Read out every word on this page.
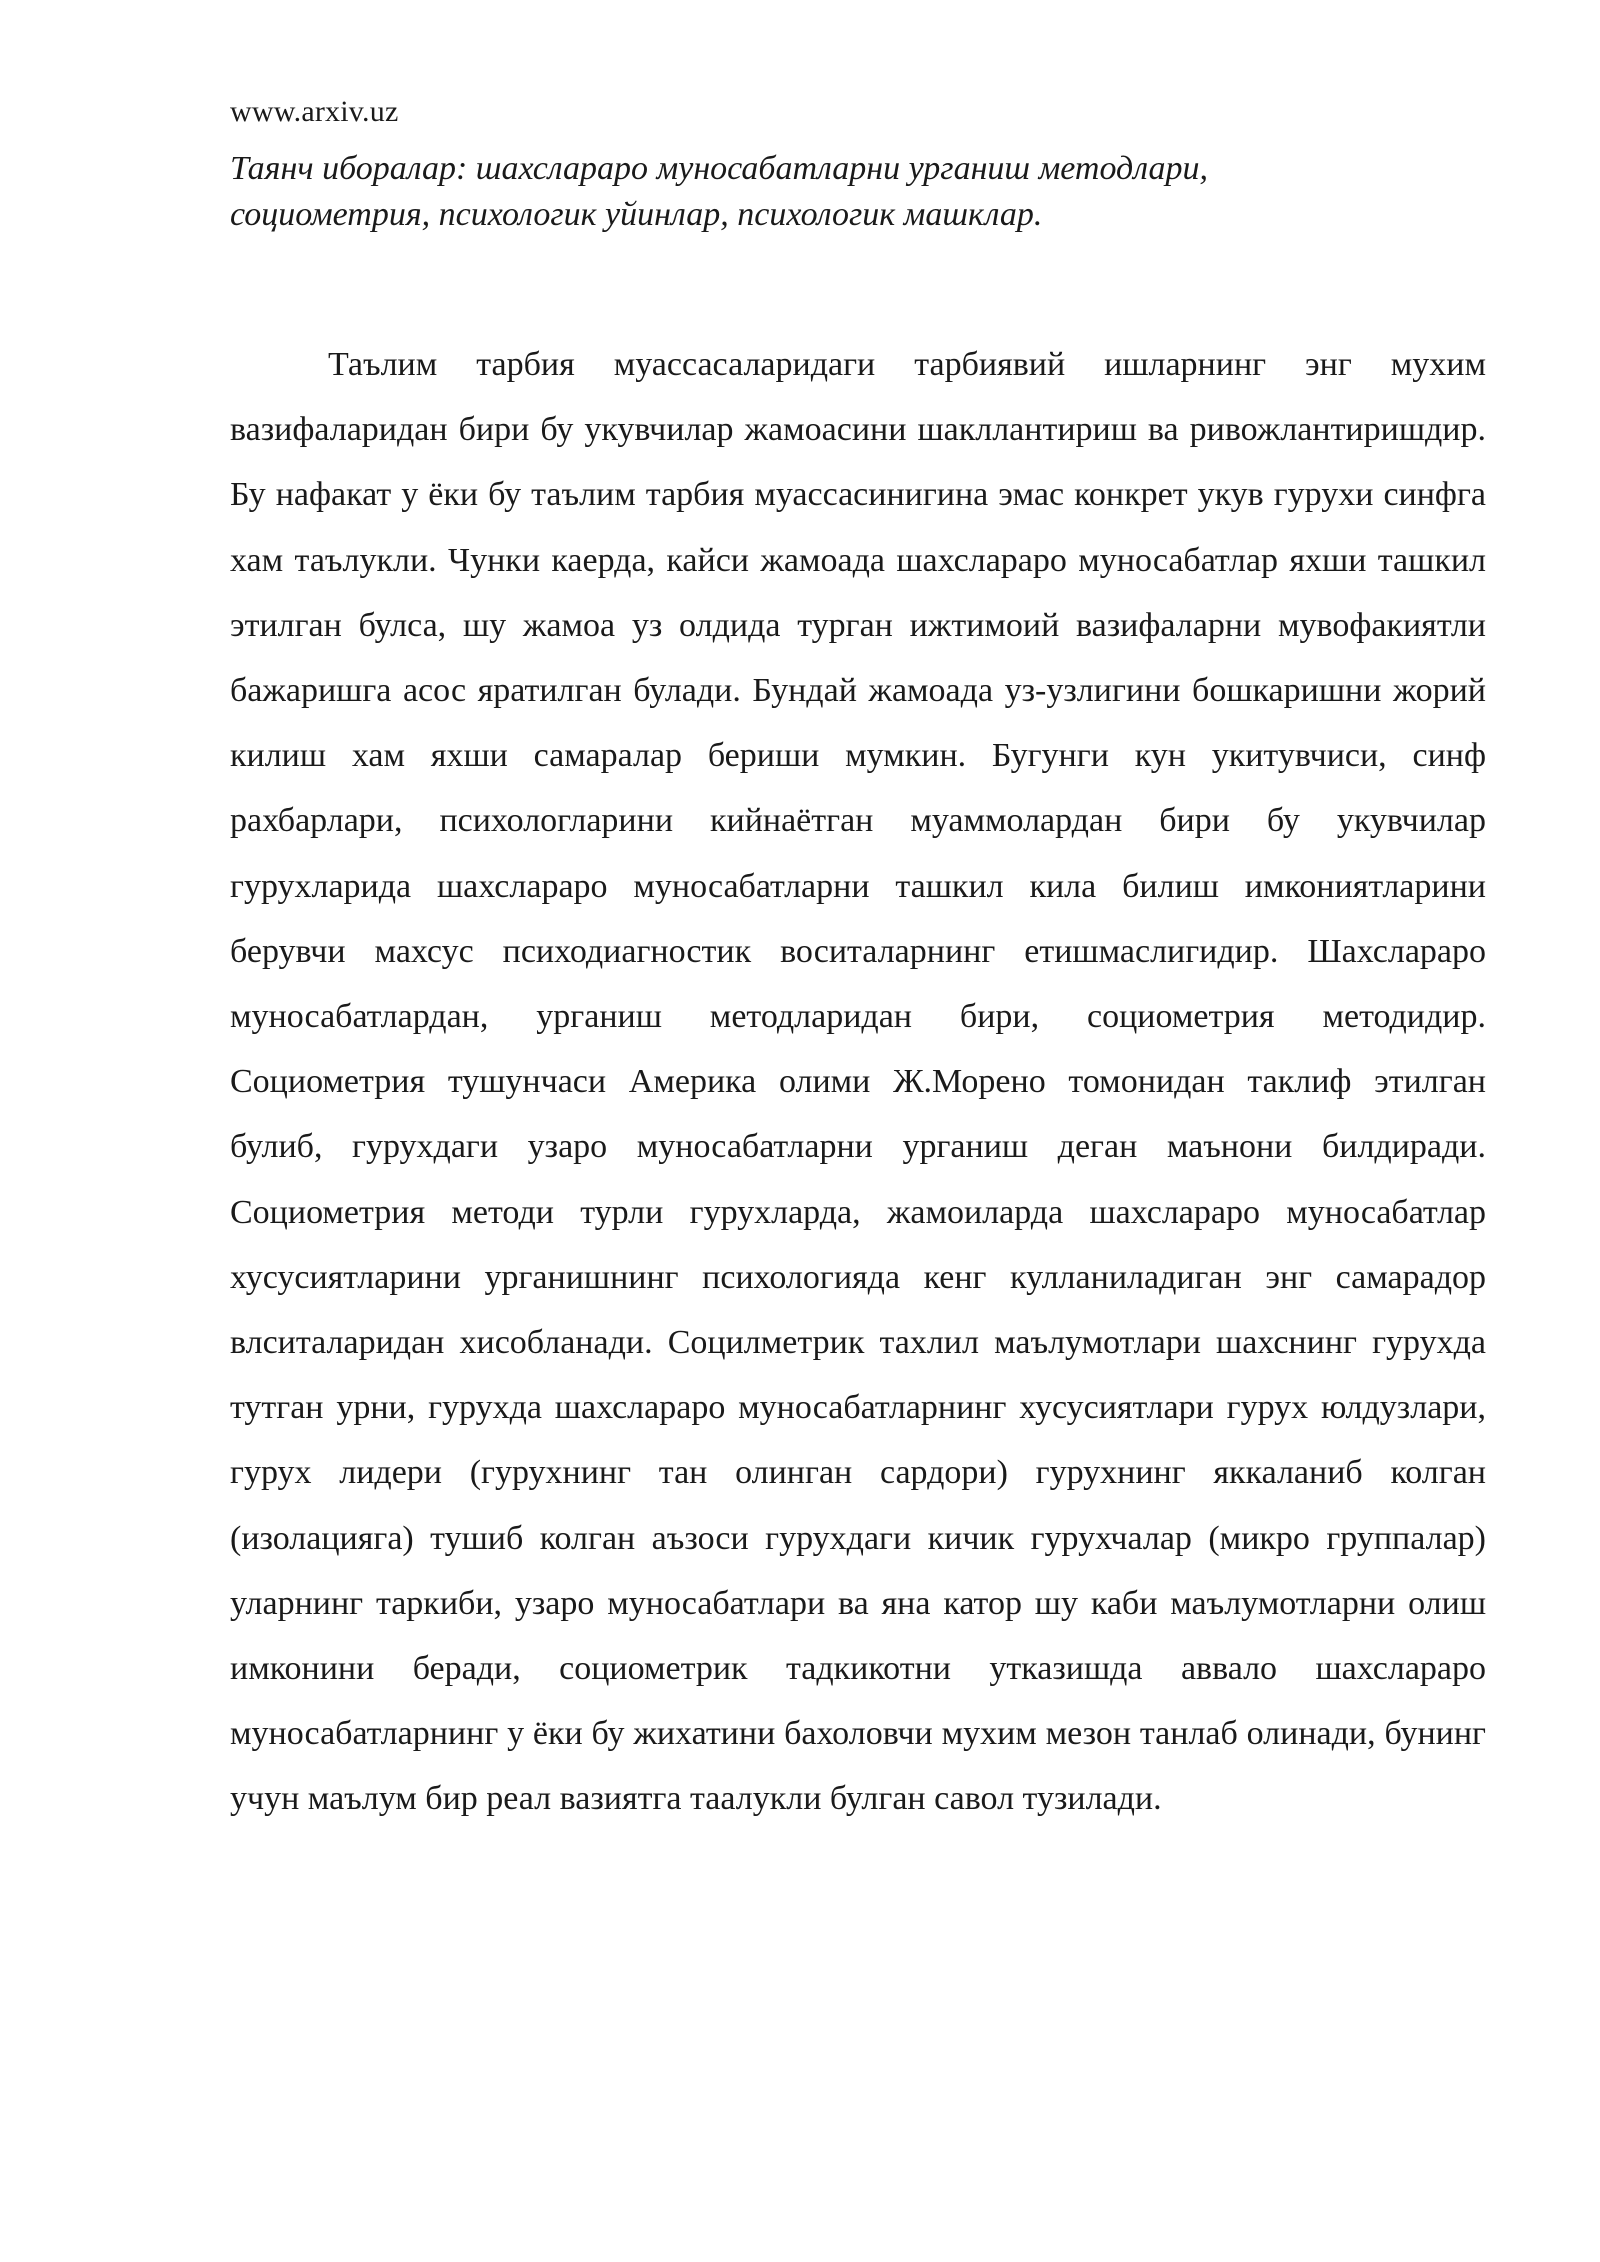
www.arxiv.uz

Таянч иборалар: шахслараро муносабатларни урганиш методлари,
социометрия, психологик уйинлар, психологик машклар.

Таълим тарбия муассасаларидаги тарбиявий ишларнинг энг мухим вазифаларидан бири бу укувчилар жамоасини шакллантириш ва ривожлантиришдир. Бу нафакат у ёки бу таълим тарбия муассасинигина эмас конкрет укув гурухи синфга хам таълукли. Чунки каерда, кайси жамоада шахслараро муносабатлар яхши ташкил этилган булса, шу жамоа уз олдида турган ижтимоий вазифаларни мувофакиятли бажаришга асос яратилган булади. Бундай жамоада уз-узлигини бошкаришни жорий килиш хам яхши самаралар бериши мумкин. Бугунги кун укитувчиси, синф рахбарлари, психологларини кийнаётган муаммолардан бири бу укувчилар гурухларида шахслараро муносабатларни ташкил кила билиш имкониятларини берувчи махсус психодиагностик воситаларнинг етишмаслигидир. Шахслараро муносабатлардан, урганиш методларидан бири, социометрия методидир. Социометрия тушунчаси Америка олими Ж.Морено томонидан таклиф этилган булиб, гурухдаги узаро муносабатларни урганиш деган маънони билдиради. Социометрия методи турли гурухларда, жамоиларда шахслараро муносабатлар хусусиятларини урганишнинг психологияда кенг кулланиладиган энг самарадор влситаларидан хисобланади. Социлметрик тахлил маълумотлари шахснинг гурухда тутган урни, гурухда шахслараро муносабатларнинг хусусиятлари гурух юлдузлари, гурух лидери (гурухнинг тан олинган сардори) гурухнинг яккаланиб колган (изолацияга) тушиб колган аъзоси гурухдаги кичик гурухчалар (микро группалар) уларнинг таркиби, узаро муносабатлари ва яна катор шу каби маълумотларни олиш имконини беради, социометрик тадкикотни утказишда аввало шахслараро муносабатларнинг у ёки бу жихатини бахоловчи мухим мезон танлаб олинади, бунинг учун маълум бир реал вазиятга таалукли булган савол тузилади.
